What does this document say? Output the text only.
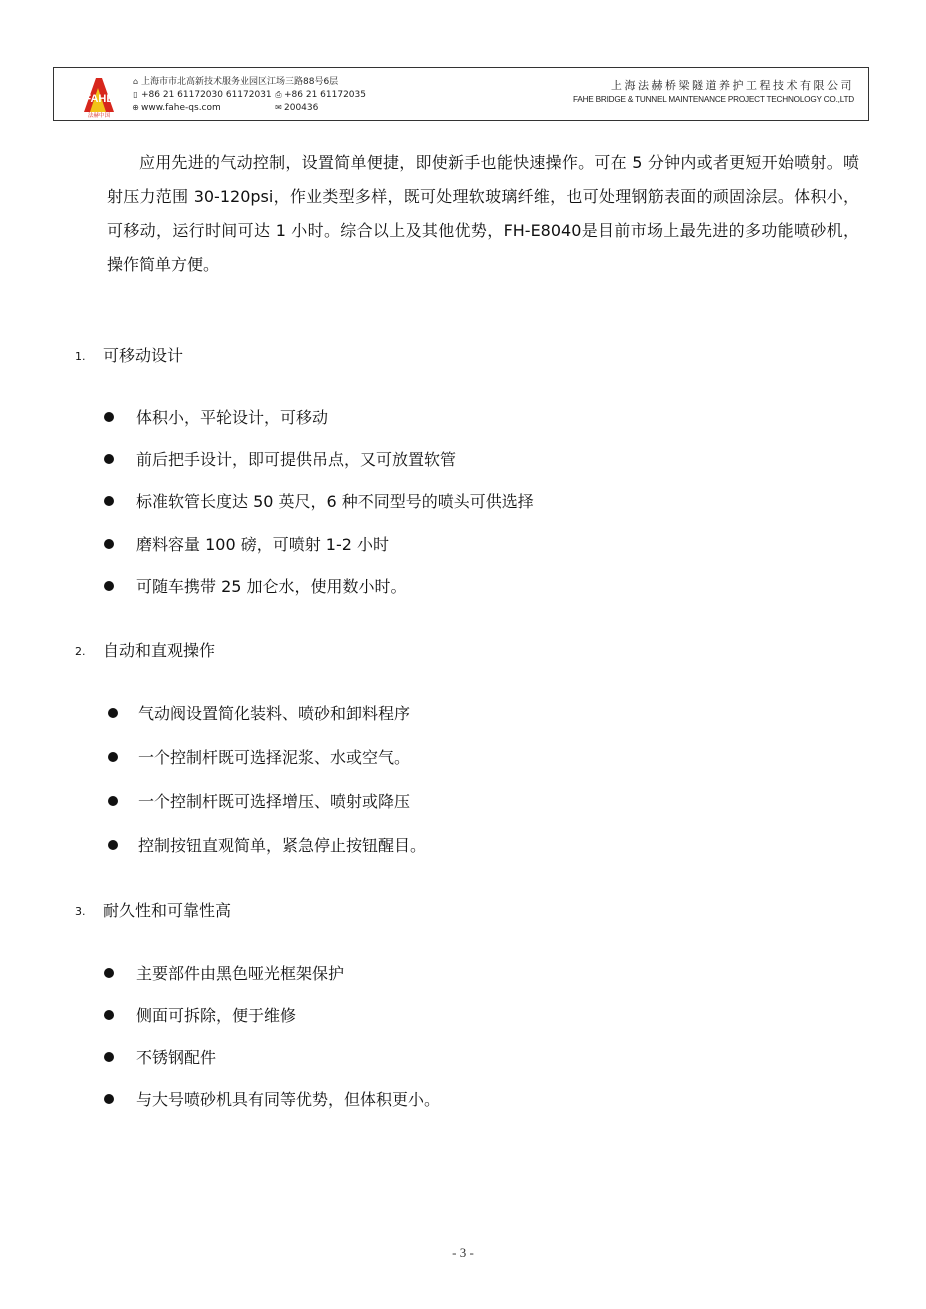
FAHE
法赫中国
⌂ 上海市市北高新技术服务业园区江场三路88号6层
▯ +86 21 61172030 61172031 ⎙ +86 21 61172035
⊕ www.fahe-qs.com	✉ 200436
上海法赫桥梁隧道养护工程技术有限公司
FAHE BRIDGE & TUNNEL MAINTENANCE PROJECT TECHNOLOGY CO.,LTD
应用先进的气动控制，设置简单便捷，即使新手也能快速操作。可在 5 分钟内或者更短开始喷射。喷射压力范围 30-120psi，作业类型多样，既可处理软玻璃纤维，也可处理钢筋表面的顽固涂层。体积小，可移动，运行时间可达 1 小时。综合以上及其他优势，FH-E8040是目前市场上最先进的多功能喷砂机，操作简单方便。
1. 可移动设计
体积小，平轮设计，可移动
前后把手设计，即可提供吊点，又可放置软管
标准软管长度达 50 英尺，6 种不同型号的喷头可供选择
磨料容量 100 磅，可喷射 1-2 小时
可随车携带 25 加仑水，使用数小时。
2. 自动和直观操作
气动阀设置简化装料、喷砂和卸料程序
一个控制杆既可选择泥浆、水或空气。
一个控制杆既可选择增压、喷射或降压
控制按钮直观简单，紧急停止按钮醒目。
3. 耐久性和可靠性高
主要部件由黑色哑光框架保护
侧面可拆除，便于维修
不锈钢配件
与大号喷砂机具有同等优势，但体积更小。
- 3 -
